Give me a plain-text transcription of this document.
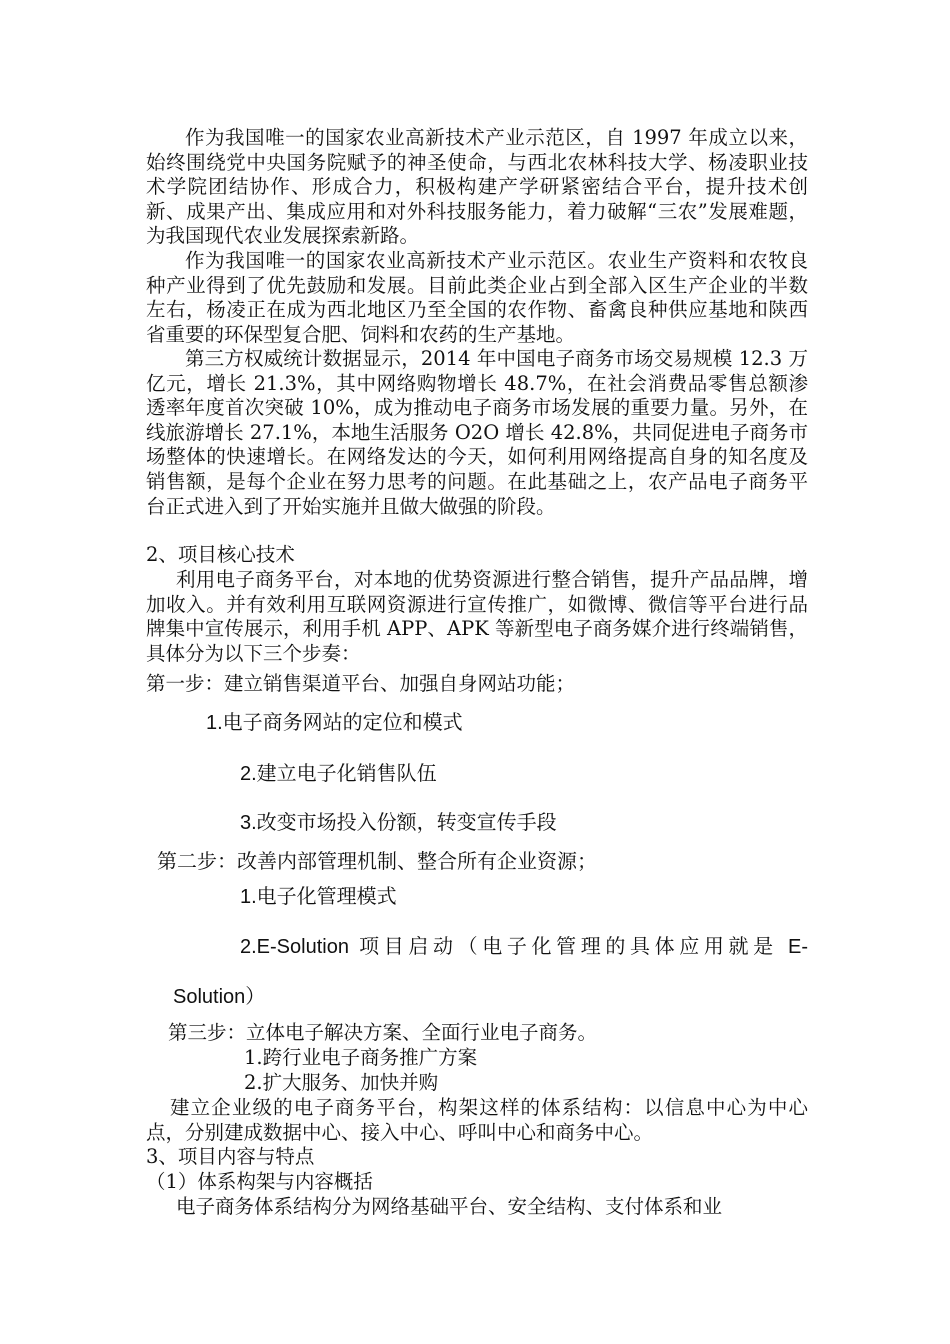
作为我国唯一的国家农业高新技术产业示范区，自 1997 年成立以来，始终围绕党中央国务院赋予的神圣使命，与西北农林科技大学、杨凌职业技术学院团结协作、形成合力，积极构建产学研紧密结合平台，提升技术创新、成果产出、集成应用和对外科技服务能力，着力破解“三农”发展难题，为我国现代农业发展探索新路。

作为我国唯一的国家农业高新技术产业示范区。农业生产资料和农牧良种产业得到了优先鼓励和发展。目前此类企业占到全部入区生产企业的半数左右，杨凌正在成为西北地区乃至全国的农作物、畜禽良种供应基地和陕西省重要的环保型复合肥、饲料和农药的生产基地。

第三方权威统计数据显示，2014 年中国电子商务市场交易规模 12.3 万亿元，增长 21.3%，其中网络购物增长 48.7%，在社会消费品零售总额渗透率年度首次突破 10%，成为推动电子商务市场发展的重要力量。另外，在线旅游增长 27.1%，本地生活服务 O2O 增长 42.8%，共同促进电子商务市场整体的快速增长。在网络发达的今天，如何利用网络提高自身的知名度及销售额，是每个企业在努力思考的问题。在此基础之上，农产品电子商务平台正式进入到了开始实施并且做大做强的阶段。

2、项目核心技术

利用电子商务平台，对本地的优势资源进行整合销售，提升产品品牌，增加收入。并有效利用互联网资源进行宣传推广，如微博、微信等平台进行品牌集中宣传展示，利用手机 APP、APK 等新型电子商务媒介进行终端销售，具体分为以下三个步奏：

第一步：建立销售渠道平台、加强自身网站功能；

1.电子商务网站的定位和模式

2.建立电子化销售队伍

3.改变市场投入份额，转变宣传手段

第二步：改善内部管理机制、整合所有企业资源；

1.电子化管理模式

2.E-Solution 项目启动（电子化管理的具体应用就是 E-

Solution）

第三步：立体电子解决方案、全面行业电子商务。

1.跨行业电子商务推广方案

2.扩大服务、加快并购

建立企业级的电子商务平台，构架这样的体系结构：以信息中心为中心点，分别建成数据中心、接入中心、呼叫中心和商务中心。

3、项目内容与特点

（1）体系构架与内容概括

电子商务体系结构分为网络基础平台、安全结构、支付体系和业
